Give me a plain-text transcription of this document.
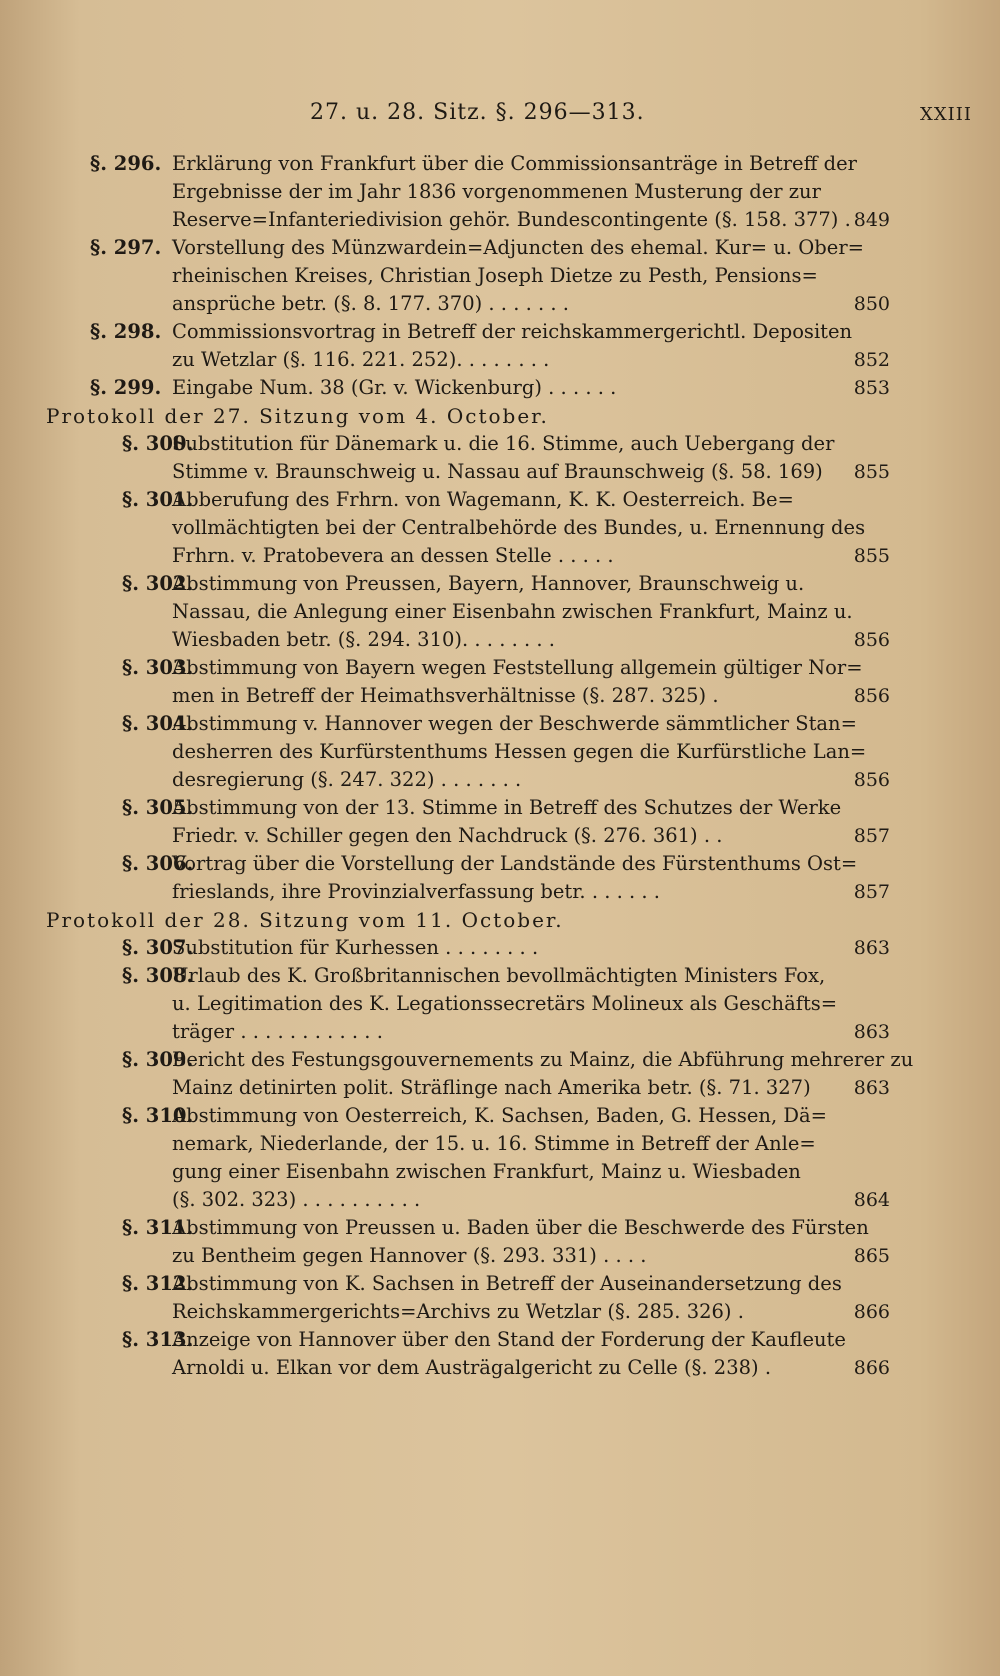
27. u. 28. Sitz. §. 296—313.	XXIII
§. 296. Erklärung von Frankfurt über die Commissionsanträge in Betreff der
Ergebnisse der im Jahr 1836 vorgenommenen Musterung der zur
Reserve=Infanteriedivision gehör. Bundescontingente (§. 158. 377) . 849
§. 297. Vorstellung des Münzwardein=Adjuncten des ehemal. Kur= u. Ober=
rheinischen Kreises, Christian Joseph Dietze zu Pesth, Pensions=
ansprüche betr. (§. 8. 177. 370) . . . . . . .	850
§. 298. Commissionsvortrag in Betreff der reichskammergerichtl. Depositen
zu Wetzlar (§. 116. 221. 252). . . . . . . .	852
§. 299. Eingabe Num. 38 (Gr. v. Wickenburg) . . . . . .	853
Protokoll der 27. Sitzung vom 4. October.
§. 300.
Substitution für Dänemark u. die 16. Stimme, auch Uebergang der
Stimme v. Braunschweig u. Nassau auf Braunschweig (§. 58. 169)	855
§. 301.
Abberufung des Frhrn. von Wagemann, K. K. Oesterreich. Be=
vollmächtigten bei der Centralbehörde des Bundes, u. Ernennung des
Frhrn. v. Pratobevera an dessen Stelle . . . . .	855
§. 302.
Abstimmung von Preussen, Bayern, Hannover, Braunschweig u.
Nassau, die Anlegung einer Eisenbahn zwischen Frankfurt, Mainz u.
Wiesbaden betr. (§. 294. 310). . . . . . . .	856
§. 303.
Abstimmung von Bayern wegen Feststellung allgemein gültiger Nor=
men in Betreff der Heimathsverhältnisse (§. 287. 325) .	856
§. 304.
Abstimmung v. Hannover wegen der Beschwerde sämmtlicher Stan=
desherren des Kurfürstenthums Hessen gegen die Kurfürstliche Lan=
desregierung (§. 247. 322) . . . . . . .	856
§. 305.
Abstimmung von der 13. Stimme in Betreff des Schutzes der Werke
Friedr. v. Schiller gegen den Nachdruck (§. 276. 361) . .	857
§. 306.
Vortrag über die Vorstellung der Landstände des Fürstenthums Ost=
frieslands, ihre Provinzialverfassung betr. . . . . . .	857
Protokoll der 28. Sitzung vom 11. October.
§. 307.
Substitution für Kurhessen . . . . . . . .	863
§. 308.
Urlaub des K. Großbritannischen bevollmächtigten Ministers Fox,
u. Legitimation des K. Legationssecretärs Molineux als Geschäfts=
träger . . . . . . . . . . . .	863
§. 309.
Bericht des Festungsgouvernements zu Mainz, die Abführung mehrerer zu
Mainz detinirten polit. Sträflinge nach Amerika betr. (§. 71. 327)	863
§. 310.
Abstimmung von Oesterreich, K. Sachsen, Baden, G. Hessen, Dä=
nemark, Niederlande, der 15. u. 16. Stimme in Betreff der Anle=
gung einer Eisenbahn zwischen Frankfurt, Mainz u. Wiesbaden
(§. 302. 323) . . . . . . . . . .	864
§. 311.
Abstimmung von Preussen u. Baden über die Beschwerde des Fürsten
zu Bentheim gegen Hannover (§. 293. 331) . . . .	865
§. 312.
Abstimmung von K. Sachsen in Betreff der Auseinandersetzung des
Reichskammergerichts=Archivs zu Wetzlar (§. 285. 326) .	866
§. 313.
Anzeige von Hannover über den Stand der Forderung der Kaufleute
Arnoldi u. Elkan vor dem Austrägalgericht zu Celle (§. 238) .	866
